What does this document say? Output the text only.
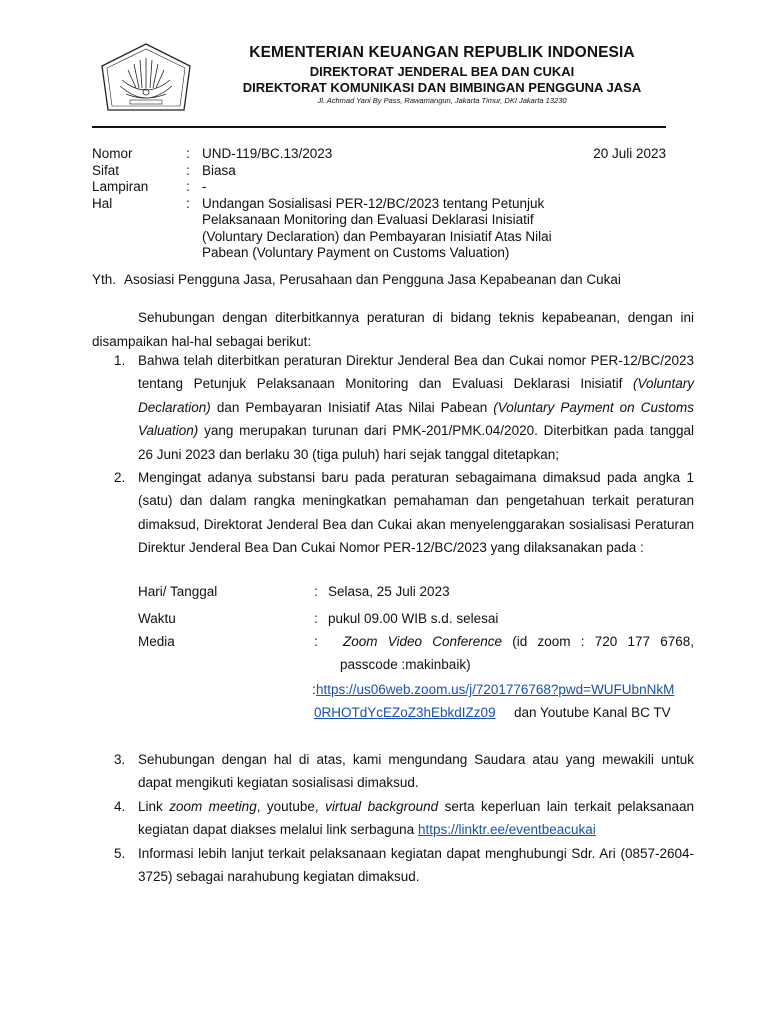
KEMENTERIAN KEUANGAN REPUBLIK INDONESIA
DIREKTORAT JENDERAL BEA DAN CUKAI
DIREKTORAT KOMUNIKASI DAN BIMBINGAN PENGGUNA JASA
Jl. Achmad Yani By Pass, Rawamangun, Jakarta Timur, DKI Jakarta 13230
Nomor	: UND-119/BC.13/2023	20 Juli 2023
Sifat	: Biasa
Lampiran	: -
Hal	: Undangan Sosialisasi PER-12/BC/2023 tentang Petunjuk Pelaksanaan Monitoring dan Evaluasi Deklarasi Inisiatif (Voluntary Declaration) dan Pembayaran Inisiatif Atas Nilai Pabean (Voluntary Payment on Customs Valuation)
Yth. Asosiasi Pengguna Jasa, Perusahaan dan Pengguna Jasa Kepabeanan dan Cukai

Sehubungan dengan diterbitkannya peraturan di bidang teknis kepabeanan, dengan ini disampaikan hal-hal sebagai berikut:

1. Bahwa telah diterbitkan peraturan Direktur Jenderal Bea dan Cukai nomor PER-12/BC/2023 tentang Petunjuk Pelaksanaan Monitoring dan Evaluasi Deklarasi Inisiatif (Voluntary Declaration) dan Pembayaran Inisiatif Atas Nilai Pabean (Voluntary Payment on Customs Valuation) yang merupakan turunan dari PMK-201/PMK.04/2020. Diterbitkan pada tanggal 26 Juni 2023 dan berlaku 30 (tiga puluh) hari sejak tanggal ditetapkan;
2. Mengingat adanya substansi baru pada peraturan sebagaimana dimaksud pada angka 1 (satu) dan dalam rangka meningkatkan pemahaman dan pengetahuan terkait peraturan dimaksud, Direktorat Jenderal Bea dan Cukai akan menyelenggarakan sosialisasi Peraturan Direktur Jenderal Bea Dan Cukai Nomor PER-12/BC/2023 yang dilaksanakan pada :
Hari/ Tanggal	: Selasa, 25 Juli 2023
Waktu	: pukul 09.00 WIB s.d. selesai
Media	: Zoom Video Conference (id zoom : 720 177 6768,
passcode :makinbaik)
: https://us06web.zoom.us/j/7201776768?pwd=WUFUbnNkM
0RHOTdYcEZoZ3hEbkdIZz09 dan Youtube Kanal BC TV
3. Sehubungan dengan hal di atas, kami mengundang Saudara atau yang mewakili untuk dapat mengikuti kegiatan sosialisasi dimaksud.
4. Link zoom meeting, youtube, virtual background serta keperluan lain terkait pelaksanaan kegiatan dapat diakses melalui link serbaguna https://linktr.ee/eventbeacukai
5. Informasi lebih lanjut terkait pelaksanaan kegiatan dapat menghubungi Sdr. Ari (0857-2604-3725) sebagai narahubung kegiatan dimaksud.
